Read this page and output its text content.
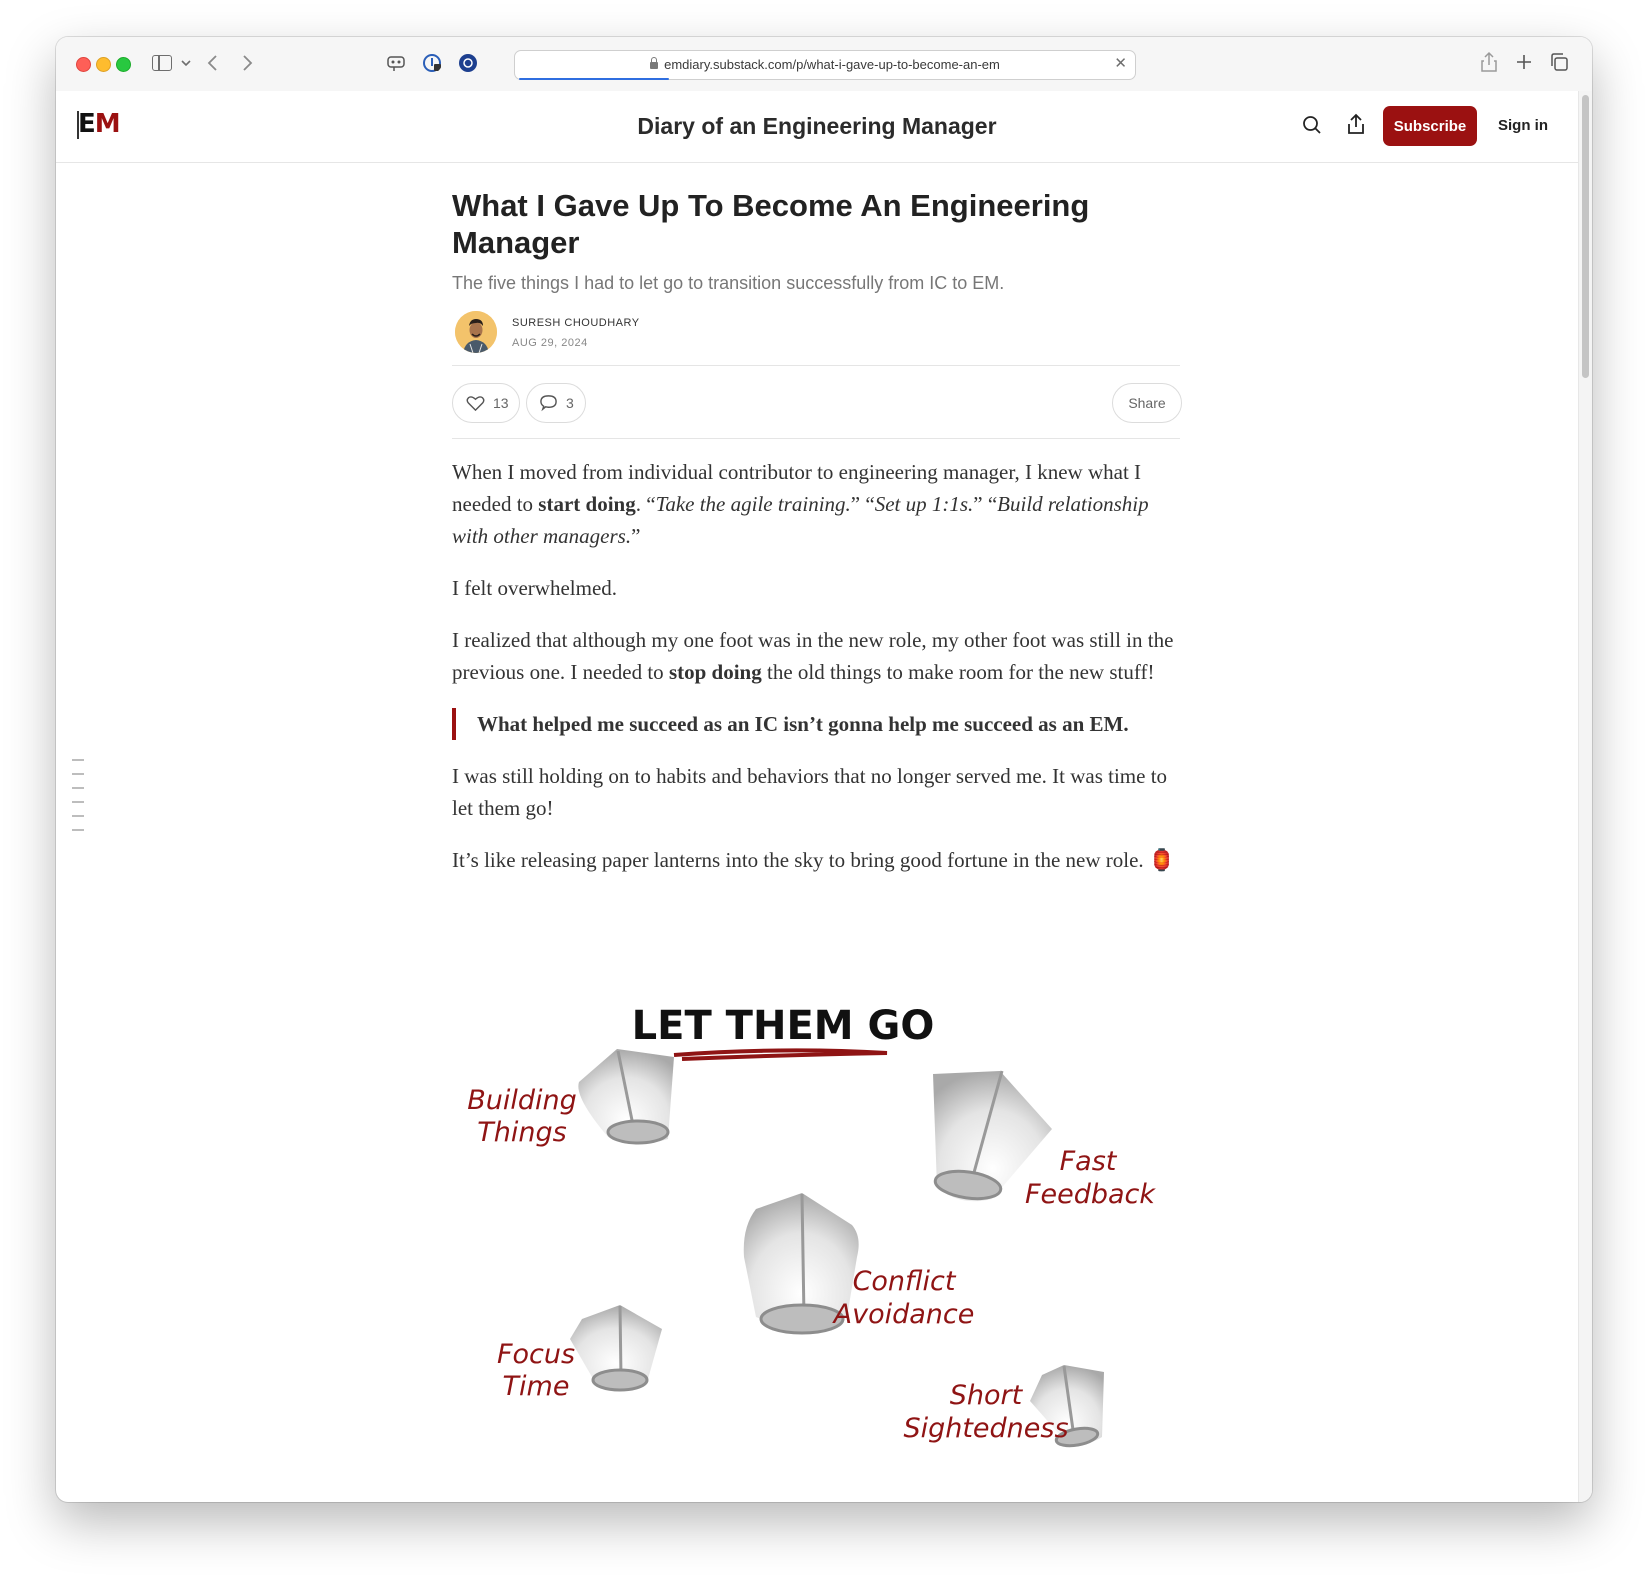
emdiary.substack.com/p/what-i-gave-up-to-become-an-em	✕
EM	Diary of an Engineering Manager	Subscribe	Sign in
What I Gave Up To Become An Engineering Manager
The five things I had to let go to transition successfully from IC to EM.
SURESH CHOUDHARY
AUG 29, 2024
13	3	Share

When I moved from individual contributor to engineering manager, I knew what I needed to start doing. “Take the agile training.” “Set up 1:1s.” “Build relationship with other managers.”

I felt overwhelmed.

I realized that although my one foot was in the new role, my other foot was still in the previous one. I needed to stop doing the old things to make room for the new stuff!

What helped me succeed as an IC isn’t gonna help me succeed as an EM.

I was still holding on to habits and behaviors that no longer served me. It was time to let them go!

It’s like releasing paper lanterns into the sky to bring good fortune in the new role. 🏮

LET THEM GO
Building
Things
Fast
Feedback
Conflict
Avoidance
Focus
Time	Short
Sightedness
